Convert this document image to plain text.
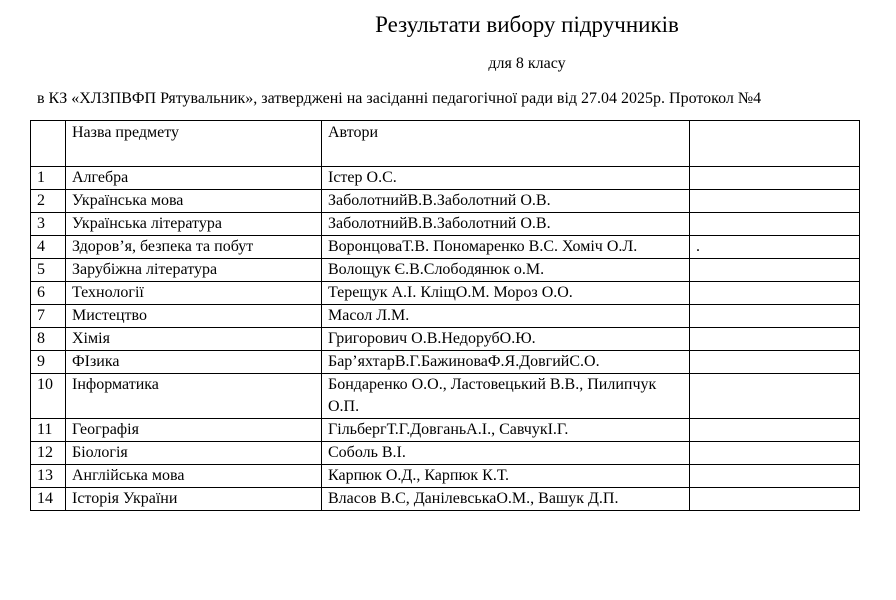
Результати вибору підручників
для 8 класу
в КЗ «ХЛЗПВФП Рятувальник», затверджені на засіданні педагогічної ради від 27.04 2025р. Протокол №4
	Назва предмету	Автори	
1	Алгебра	Істер О.С.	
2	Українська мова	ЗаболотнийВ.В.Заболотний О.В.	
3	Українська література	ЗаболотнийВ.В.Заболотний О.В.	
4	Здоров’я, безпека та побут	ВоронцоваТ.В. Пономаренко В.С. Хоміч О.Л.	.
5	Зарубіжна література	Волощук Є.В.Слободянюк о.М.	
6	Технології	Терещук А.І. КліщО.М. Мороз О.О.	
7	Мистецтво	Масол Л.М.	
8	Хімія	Григорович О.В.НедорубО.Ю.	
9	ФІзика	Бар’яхтарВ.Г.БажиноваФ.Я.ДовгийС.О.	
10	Інформатика	Бондаренко О.О., Ластовецький В.В., Пилипчук О.П.	
11	Географія	ГільбергТ.Г.ДовганьА.І., СавчукІ.Г.	
12	Біологія	Соболь В.І.	
13	Англійська мова	Карпюк О.Д., Карпюк К.Т.	
14	Історія України	Власов В.С, ДанілевськаО.М., Вашук Д.П.	
